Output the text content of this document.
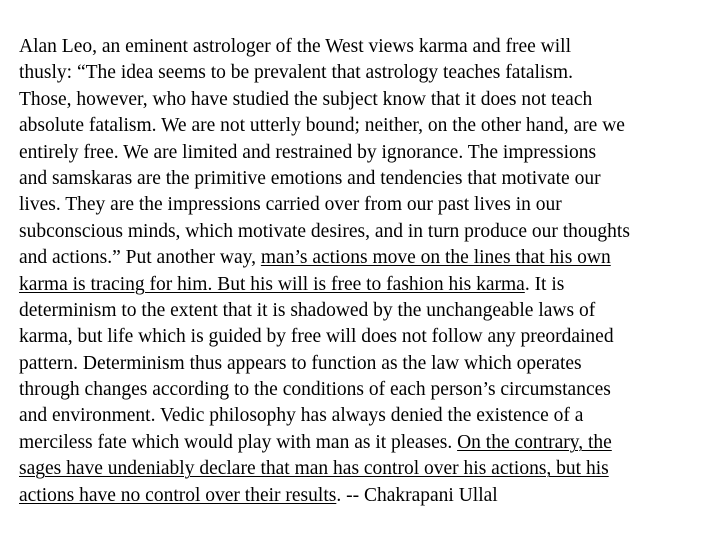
Alan Leo, an eminent astrologer of the West views karma and free will
thusly: “The idea seems to be prevalent that astrology teaches fatalism.
Those, however, who have studied the subject know that it does not teach
absolute fatalism. We are not utterly bound; neither, on the other hand, are we
entirely free. We are limited and restrained by ignorance. The impressions
and samskaras are the primitive emotions and tendencies that motivate our
lives. They are the impressions carried over from our past lives in our
subconscious minds, which motivate desires, and in turn produce our thoughts
and actions.” Put another way, man’s actions move on the lines that his own
karma is tracing for him. But his will is free to fashion his karma. It is
determinism to the extent that it is shadowed by the unchangeable laws of
karma, but life which is guided by free will does not follow any preordained
pattern. Determinism thus appears to function as the law which operates
through changes according to the conditions of each person’s circumstances
and environment. Vedic philosophy has always denied the existence of a
merciless fate which would play with man as it pleases. On the contrary, the
sages have undeniably declare that man has control over his actions, but his
actions have no control over their results. -- Chakrapani Ullal
